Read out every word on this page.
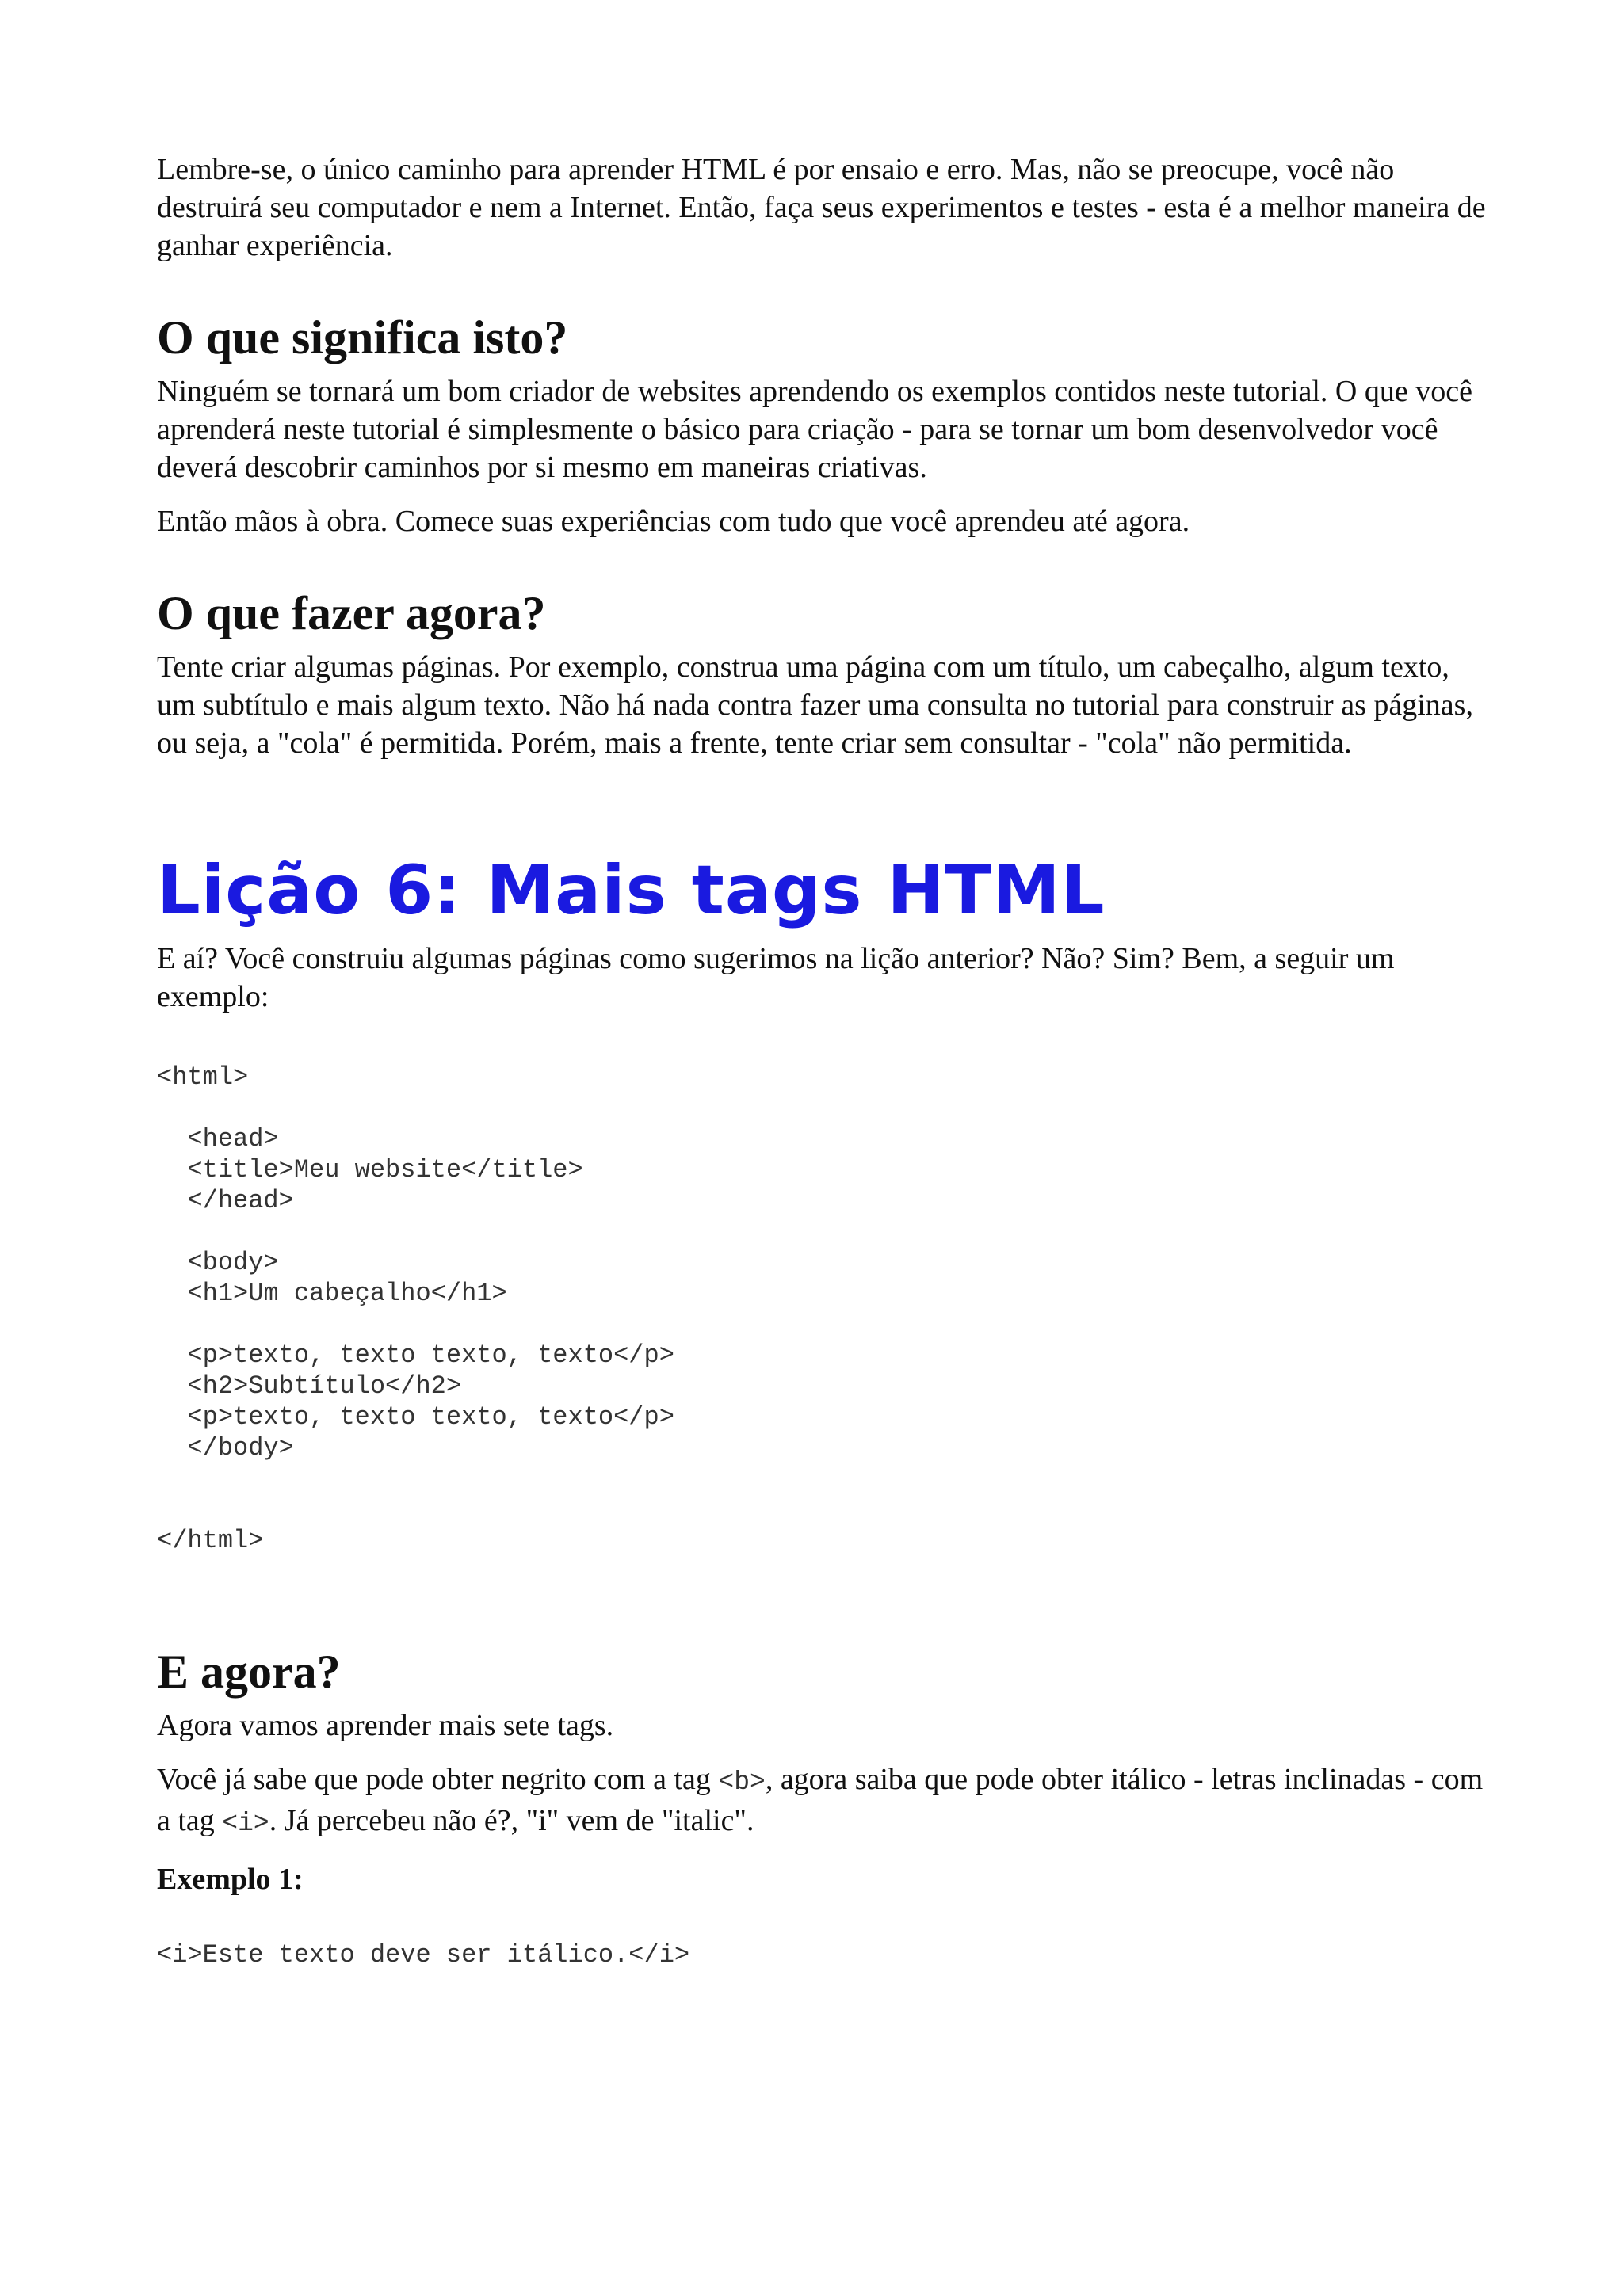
Lembre-se, o único caminho para aprender HTML é por ensaio e erro. Mas, não se preocupe, você não destruirá seu computador e nem a Internet. Então, faça seus experimentos e testes - esta é a melhor maneira de ganhar experiência.

O que significa isto?

Ninguém se tornará um bom criador de websites aprendendo os exemplos contidos neste tutorial. O que você aprenderá neste tutorial é simplesmente o básico para criação - para se tornar um bom desenvolvedor você deverá descobrir caminhos por si mesmo em maneiras criativas.

Então mãos à obra. Comece suas experiências com tudo que você aprendeu até agora.

O que fazer agora?

Tente criar algumas páginas. Por exemplo, construa uma página com um título, um cabeçalho, algum texto, um subtítulo e mais algum texto. Não há nada contra fazer uma consulta no tutorial para construir as páginas, ou seja, a "cola" é permitida. Porém, mais a frente, tente criar sem consultar - "cola" não permitida.

Lição 6: Mais tags HTML

E aí? Você construiu algumas páginas como sugerimos na lição anterior? Não? Sim? Bem, a seguir um exemplo:

<html>

<head>
<title>Meu website</title>
</head>

<body>
<h1>Um cabeçalho</h1>

<p>texto, texto texto, texto</p>
<h2>Subtítulo</h2>
<p>texto, texto texto, texto</p>
</body>

</html>
E agora?

Agora vamos aprender mais sete tags.

Você já sabe que pode obter negrito com a tag <b>, agora saiba que pode obter itálico - letras inclinadas - com a tag <i>. Já percebeu não é?, "i" vem de "italic".

Exemplo 1:

<i>Este texto deve ser itálico.</i>
